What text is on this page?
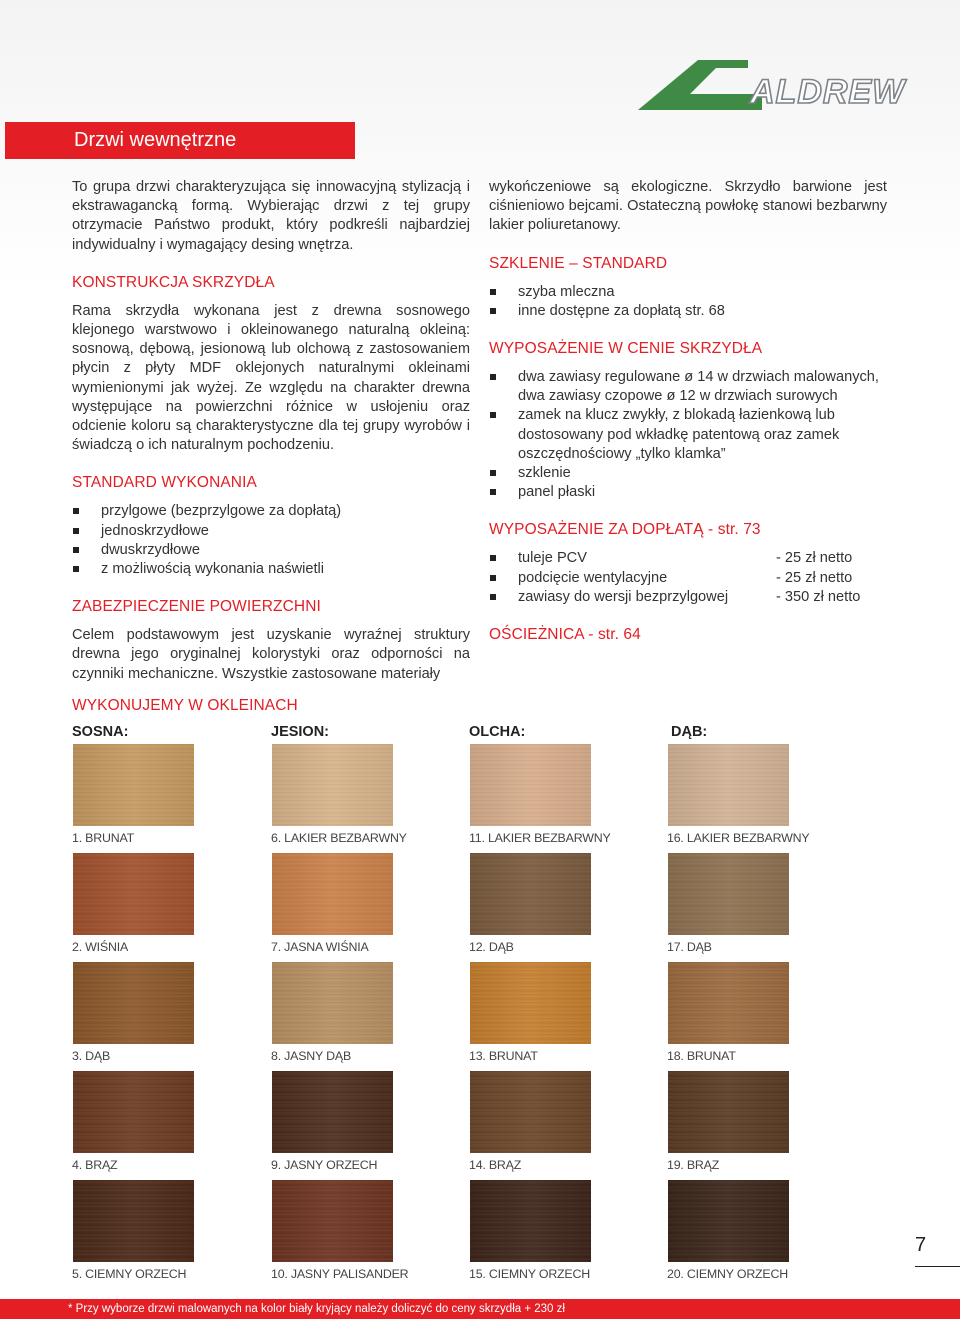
ALDREW
Drzwi wewnętrzne

To grupa drzwi charakteryzująca się innowacyjną stylizacją i ekstrawagancką formą. Wybierając drzwi z tej grupy otrzymacie Państwo produkt, który podkreśli najbardziej indywidualny i wymagający desing wnętrza.

KONSTRUKCJA SKRZYDŁA

Rama skrzydła wykonana jest z drewna sosnowego klejonego warstwowo i okleinowanego naturalną okleiną: sosnową, dębową, jesionową lub olchową z zastosowaniem płycin z płyty MDF oklejonych naturalnymi okleinami wymienionymi jak wyżej. Ze względu na charakter drewna występujące na powierzchni różnice w usłojeniu oraz odcienie koloru są charakterystyczne dla tej grupy wyrobów i świadczą o ich naturalnym pochodzeniu.

STANDARD WYKONANIA
przylgowe (bezprzylgowe za dopłatą)
jednoskrzydłowe
dwuskrzydłowe
z możliwością wykonania naświetli
ZABEZPIECZENIE POWIERZCHNI

Celem podstawowym jest uzyskanie wyraźnej struktury drewna jego oryginalnej kolorystyki oraz odporności na czynniki mechaniczne. Wszystkie zastosowane materiały

wykończeniowe są ekologiczne. Skrzydło barwione jest ciśnieniowo bejcami. Ostateczną powłokę stanowi bezbarwny lakier poliuretanowy.

SZKLENIE – STANDARD
szyba mleczna
inne dostępne za dopłatą str. 68
WYPOSAŻENIE W CENIE SKRZYDŁA
dwa zawiasy regulowane ø 14 w drzwiach malowanych, dwa zawiasy czopowe ø 12 w drzwiach surowych
zamek na klucz zwykły, z blokadą łazienkową lub dostosowany pod wkładkę patentową oraz zamek oszczędnościowy „tylko klamka”
szklenie
panel płaski
WYPOSAŻENIE ZA DOPŁATĄ - str. 73
tuleje PCV	- 25 zł netto
podcięcie wentylacyjne	- 25 zł netto
zawiasy do wersji bezprzylgowej	- 350 zł netto
OŚCIEŻNICA - str. 64
WYKONUJEMY W OKLEINACH
SOSNA:
1. BRUNAT
2. WIŚNIA
3. DĄB
4. BRĄZ
5. CIEMNY ORZECH
JESION:
6. LAKIER BEZBARWNY
7. JASNA WIŚNIA
8. JASNY DĄB
9. JASNY ORZECH
10. JASNY PALISANDER
OLCHA:
11. LAKIER BEZBARWNY
12. DĄB
13. BRUNAT
14. BRĄZ
15. CIEMNY ORZECH
DĄB:
16. LAKIER BEZBARWNY
17. DĄB
18. BRUNAT
19. BRĄZ
20. CIEMNY ORZECH
7
* Przy wyborze drzwi malowanych na kolor biały kryjący należy doliczyć do ceny skrzydła + 230 zł
